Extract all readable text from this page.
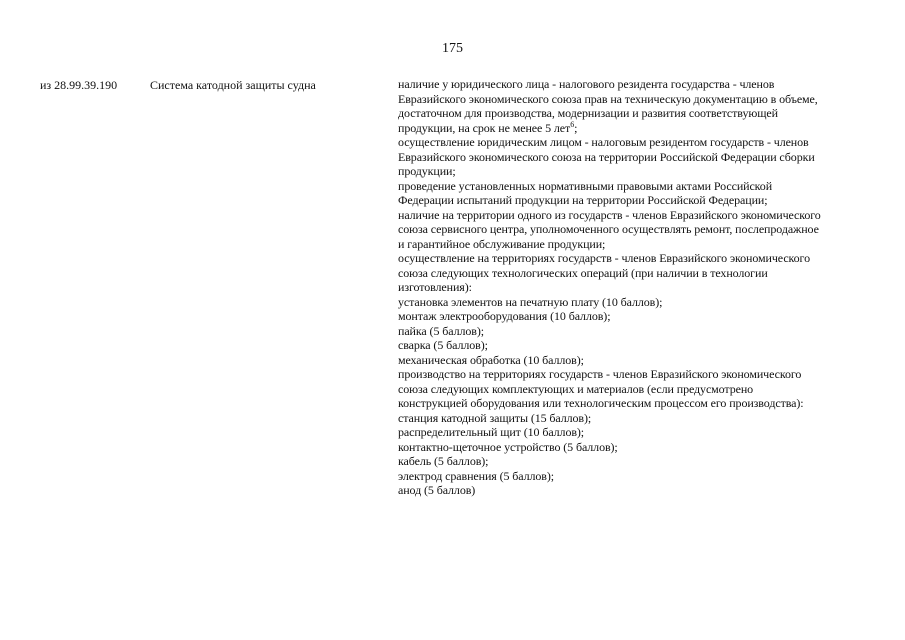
175
из 28.99.39.190	Система катодной защиты судна	наличие у юридического лица - налогового резидента государства - членов
Евразийского экономического союза прав на техническую документацию в объеме,
достаточном для производства, модернизации и развития соответствующей
продукции, на срок не менее 5 лет$^6$;
осуществление юридическим лицом - налоговым резидентом государств - членов
Евразийского экономического союза на территории Российской Федерации сборки
продукции;
проведение установленных нормативными правовыми актами Российской
Федерации испытаний продукции на территории Российской Федерации;
наличие на территории одного из государств - членов Евразийского экономического
союза сервисного центра, уполномоченного осуществлять ремонт, послепродажное
и гарантийное обслуживание продукции;
осуществление на территориях государств - членов Евразийского экономического
союза следующих технологических операций (при наличии в технологии
изготовления):
установка элементов на печатную плату (10 баллов);
монтаж электрооборудования (10 баллов);
пайка (5 баллов);
сварка (5 баллов);
механическая обработка (10 баллов);
производство на территориях государств - членов Евразийского экономического
союза следующих комплектующих и материалов (если предусмотрено
конструкцией оборудования или технологическим процессом его производства):
станция катодной защиты (15 баллов);
распределительный щит (10 баллов);
контактно-щеточное устройство (5 баллов);
кабель (5 баллов);
электрод сравнения (5 баллов);
анод (5 баллов)
